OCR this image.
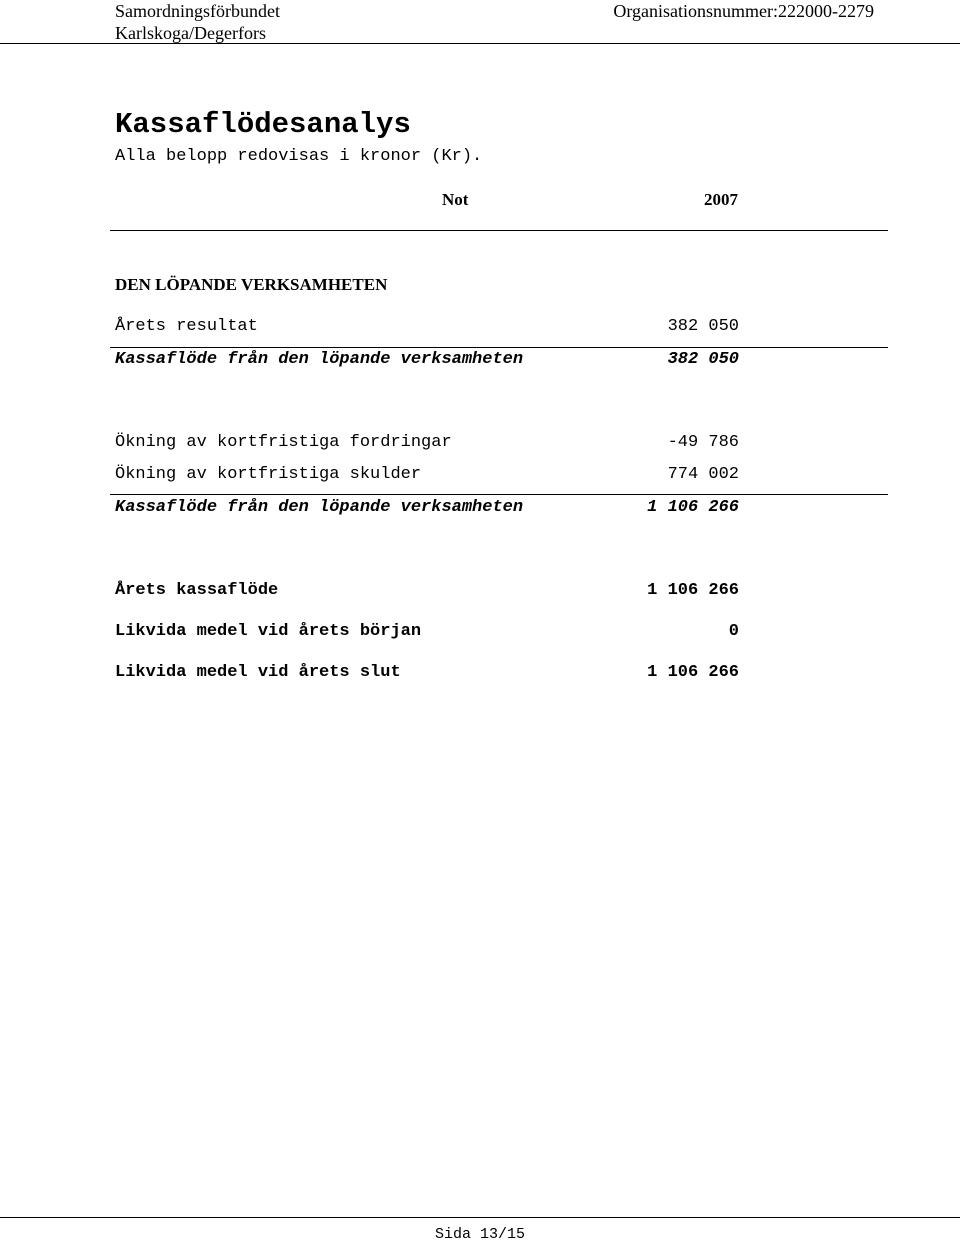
Samordningsförbundet
Karlskoga/Degerfors
Organisationsnummer:222000-2279
Kassaflödesanalys
Alla belopp redovisas i kronor (Kr).
Not	2007
DEN LÖPANDE VERKSAMHETEN
Årets resultat	382 050
Kassaflöde från den löpande verksamheten	382 050
Ökning av kortfristiga fordringar	-49 786
Ökning av kortfristiga skulder	774 002
Kassaflöde från den löpande verksamheten	1 106 266
Årets kassaflöde	1 106 266
Likvida medel vid årets början	0
Likvida medel vid årets slut	1 106 266
Sida 13/15
